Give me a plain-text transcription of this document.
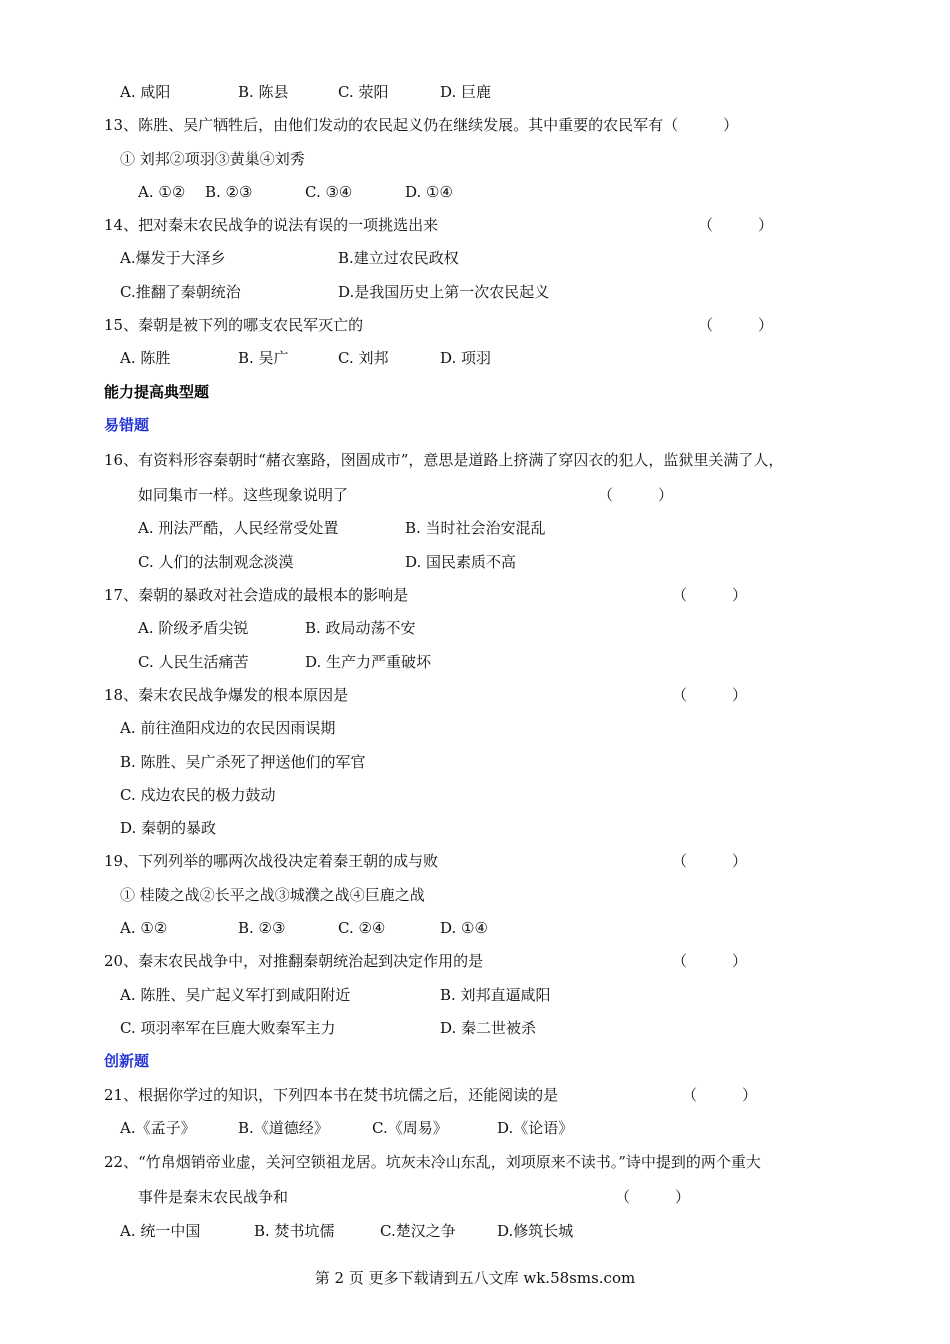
A. 咸阳	B. 陈县	C. 荥阳	D. 巨鹿
13、陈胜、吴广牺牲后，由他们发动的农民起义仍在继续发展。其中重要的农民军有（　　　）
① 刘邦②项羽③黄巢④刘秀
A. ①② B. ②③	C. ③④	D. ①④
14、把对秦末农民战争的说法有误的一项挑选出来	（　　　）
A.爆发于大泽乡	B.建立过农民政权
C.推翻了秦朝统治	D.是我国历史上第一次农民起义
15、秦朝是被下列的哪支农民军灭亡的	（　　　）
A. 陈胜	B. 吴广	C. 刘邦	D. 项羽
能力提高典型题
易错题
16、有资料形容秦朝时“赭衣塞路，囹圄成市”，意思是道路上挤满了穿囚衣的犯人，监狱里关满了人，
如同集市一样。这些现象说明了	（　　　）
A. 刑法严酷，人民经常受处置	B. 当时社会治安混乱
C. 人们的法制观念淡漠	D. 国民素质不高
17、秦朝的暴政对社会造成的最根本的影响是	（　　　）
A. 阶级矛盾尖锐	B. 政局动荡不安
C. 人民生活痛苦	D. 生产力严重破坏
18、秦末农民战争爆发的根本原因是	（　　　）
A. 前往渔阳戍边的农民因雨误期
B. 陈胜、吴广杀死了押送他们的军官
C. 戍边农民的极力鼓动
D. 秦朝的暴政
19、下列列举的哪两次战役决定着秦王朝的成与败	（　　　）
① 桂陵之战②长平之战③城濮之战④巨鹿之战
A. ①②	B. ②③	C. ②④	D. ①④
20、秦末农民战争中，对推翻秦朝统治起到决定作用的是	（　　　）
A. 陈胜、吴广起义军打到咸阳附近	B. 刘邦直逼咸阳
C. 项羽率军在巨鹿大败秦军主力	D. 秦二世被杀
创新题
21、根据你学过的知识，下列四本书在焚书坑儒之后，还能阅读的是	（　　　）
A.《孟子》	B.《道德经》	C.《周易》	D.《论语》
22、“竹帛烟销帝业虚，关河空锁祖龙居。坑灰未冷山东乱，刘项原来不读书。”诗中提到的两个重大
事件是秦末农民战争和	（　　　）
A. 统一中国	B. 焚书坑儒	C.楚汉之争	D.修筑长城
第 2 页 更多下载请到五八文库 wk.58sms.com
